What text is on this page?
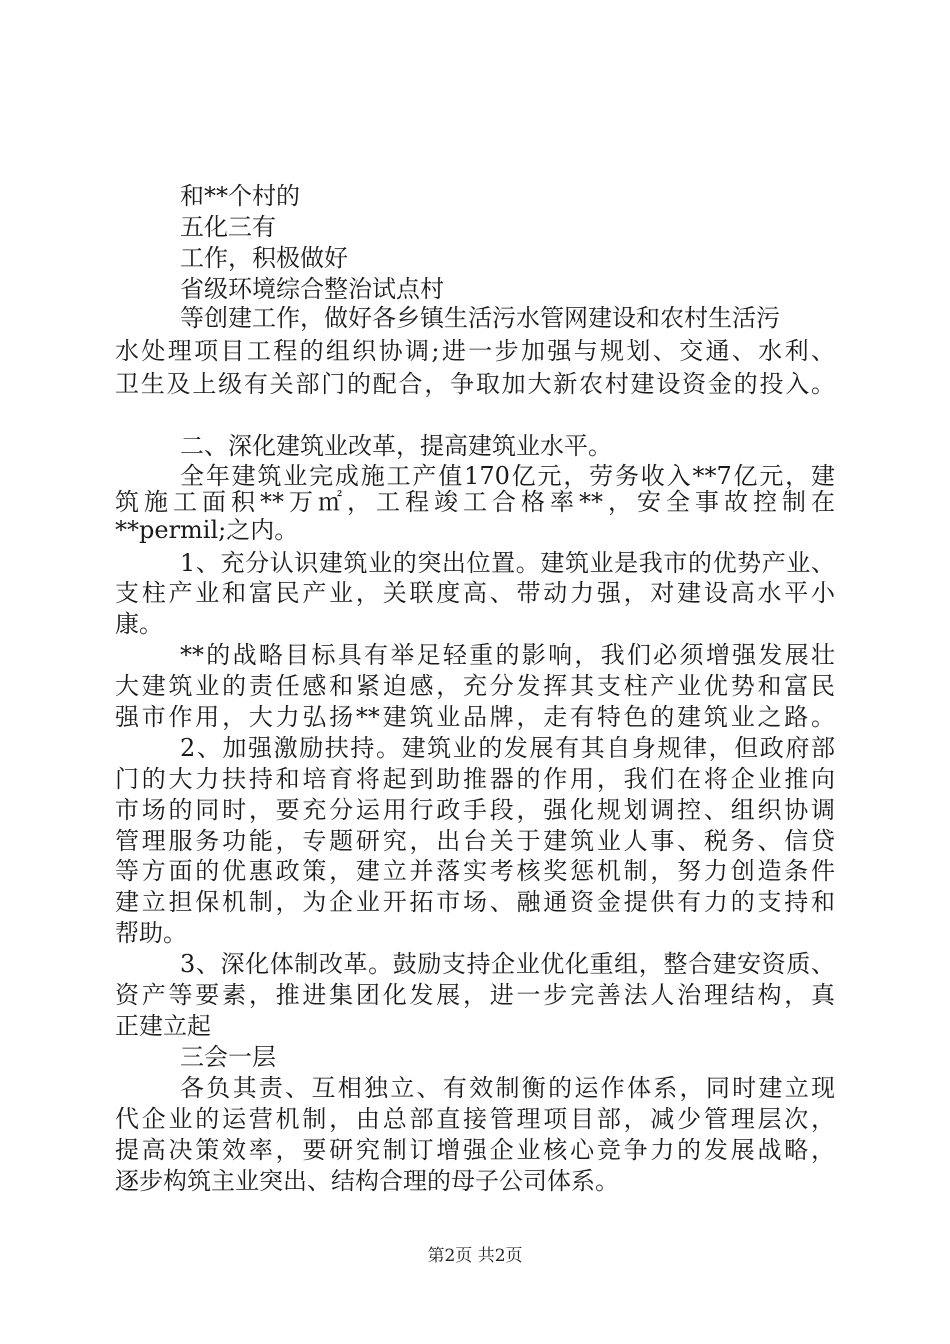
和**个村的
五化三有
工作，积极做好
省级环境综合整治试点村
等创建工作，做好各乡镇生活污水管网建设和农村生活污
水处理项目工程的组织协调;进一步加强与规划、交通、水利、
卫生及上级有关部门的配合，争取加大新农村建设资金的投入。
二、深化建筑业改革，提高建筑业水平。
全年建筑业完成施工产值170亿元，劳务收入**7亿元，建
筑施工面积**万㎡，工程竣工合格率**，安全事故控制在
**permil;之内。
1、充分认识建筑业的突出位置。建筑业是我市的优势产业、
支柱产业和富民产业，关联度高、带动力强，对建设高水平小
康。
**的战略目标具有举足轻重的影响，我们必须增强发展壮
大建筑业的责任感和紧迫感，充分发挥其支柱产业优势和富民
强市作用，大力弘扬**建筑业品牌，走有特色的建筑业之路。
2、加强激励扶持。建筑业的发展有其自身规律，但政府部
门的大力扶持和培育将起到助推器的作用，我们在将企业推向
市场的同时，要充分运用行政手段，强化规划调控、组织协调
管理服务功能，专题研究，出台关于建筑业人事、税务、信贷
等方面的优惠政策，建立并落实考核奖惩机制，努力创造条件
建立担保机制，为企业开拓市场、融通资金提供有力的支持和
帮助。
3、深化体制改革。鼓励支持企业优化重组，整合建安资质、
资产等要素，推进集团化发展，进一步完善法人治理结构，真
正建立起
三会一层
各负其责、互相独立、有效制衡的运作体系，同时建立现
代企业的运营机制，由总部直接管理项目部，减少管理层次，
提高决策效率，要研究制订增强企业核心竞争力的发展战略，
逐步构筑主业突出、结构合理的母子公司体系。
第2页 共2页
